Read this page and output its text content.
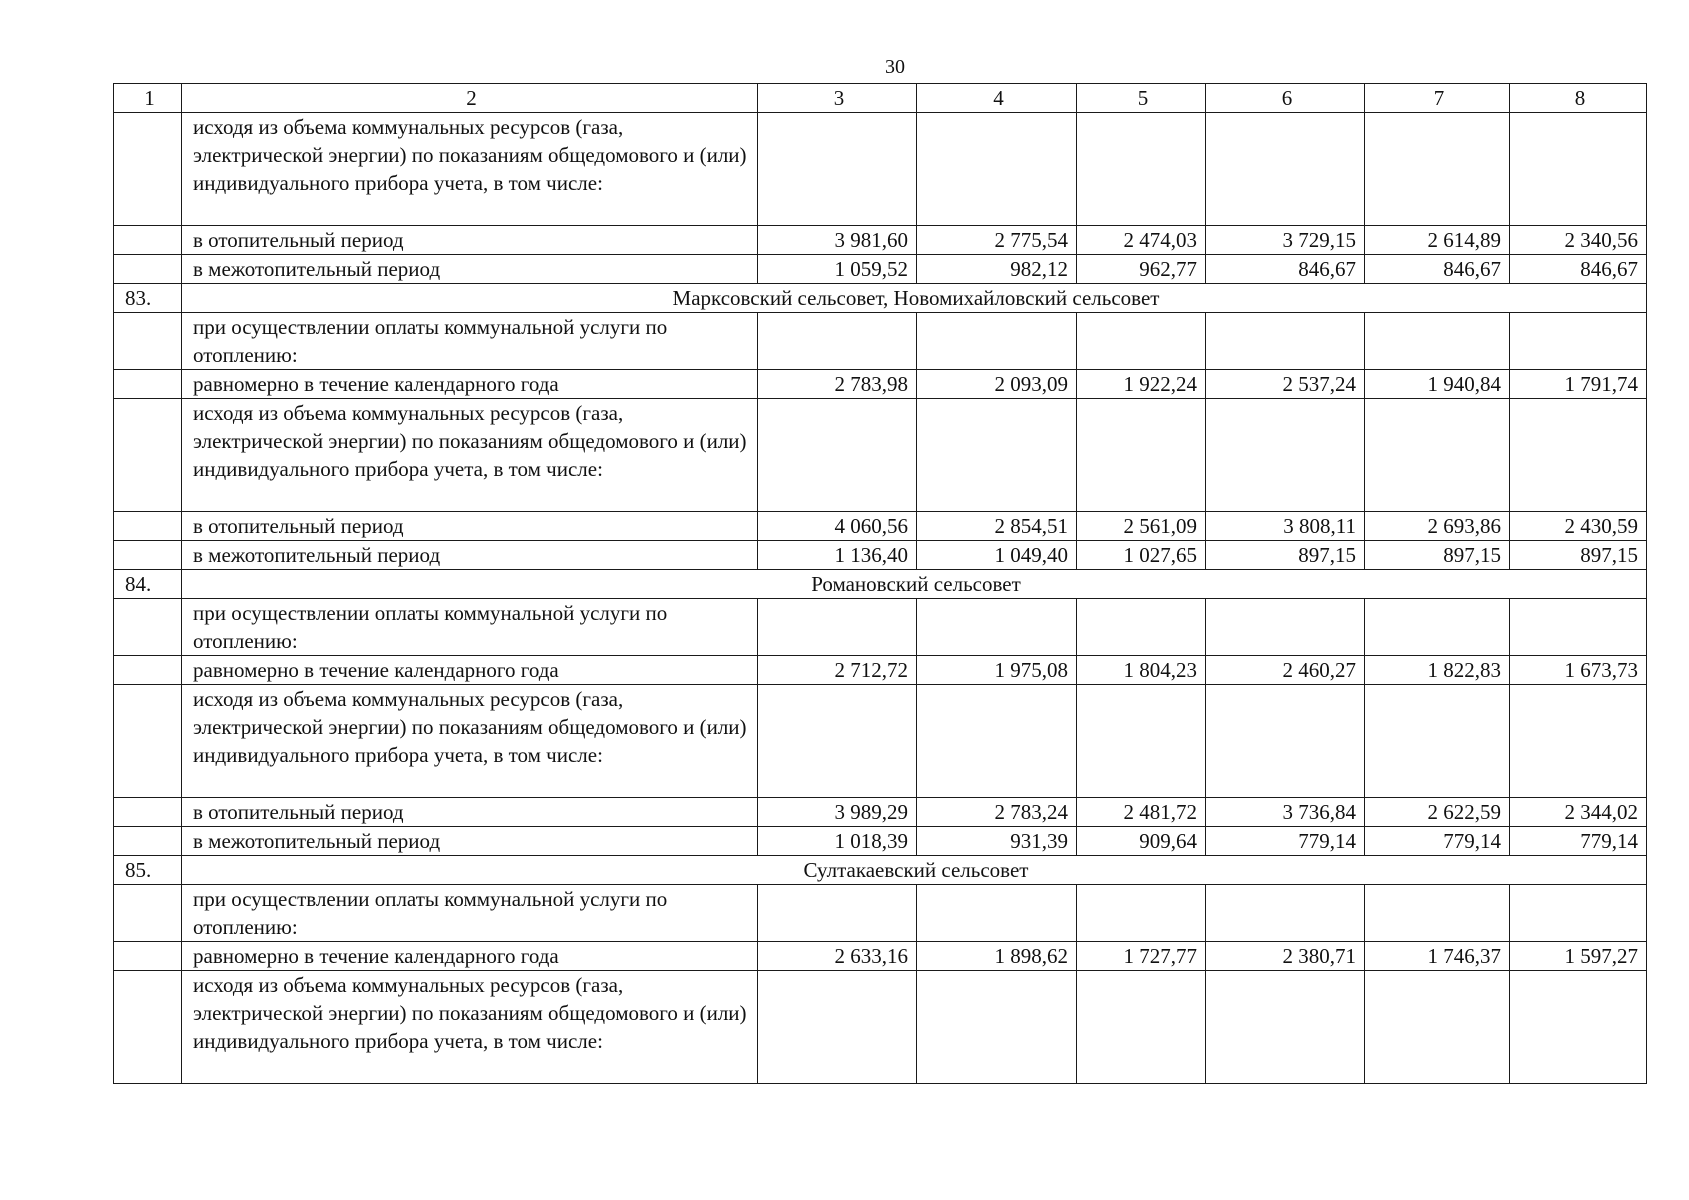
30
1	2	3	4	5	6	7	8
	исходя из объема коммунальных ресурсов (газа, электрической энергии) по показаниям общедомового и (или) индивидуального прибора учета, в том числе:						
	в отопительный период	3 981,60	2 775,54	2 474,03	3 729,15	2 614,89	2 340,56
	в межотопительный период	1 059,52	982,12	962,77	846,67	846,67	846,67
83.	Марксовский сельсовет, Новомихайловский сельсовет						
	при осуществлении оплаты коммунальной услуги по отоплению:						
	равномерно в течение календарного года	2 783,98	2 093,09	1 922,24	2 537,24	1 940,84	1 791,74
	исходя из объема коммунальных ресурсов (газа, электрической энергии) по показаниям общедомового и (или) индивидуального прибора учета, в том числе:						
	в отопительный период	4 060,56	2 854,51	2 561,09	3 808,11	2 693,86	2 430,59
	в межотопительный период	1 136,40	1 049,40	1 027,65	897,15	897,15	897,15
84.	Романовский сельсовет						
	при осуществлении оплаты коммунальной услуги по отоплению:						
	равномерно в течение календарного года	2 712,72	1 975,08	1 804,23	2 460,27	1 822,83	1 673,73
	исходя из объема коммунальных ресурсов (газа, электрической энергии) по показаниям общедомового и (или) индивидуального прибора учета, в том числе:						
	в отопительный период	3 989,29	2 783,24	2 481,72	3 736,84	2 622,59	2 344,02
	в межотопительный период	1 018,39	931,39	909,64	779,14	779,14	779,14
85.	Султакаевский сельсовет						
	при осуществлении оплаты коммунальной услуги по отоплению:						
	равномерно в течение календарного года	2 633,16	1 898,62	1 727,77	2 380,71	1 746,37	1 597,27
	исходя из объема коммунальных ресурсов (газа, электрической энергии) по показаниям общедомового и (или) индивидуального прибора учета, в том числе:						
